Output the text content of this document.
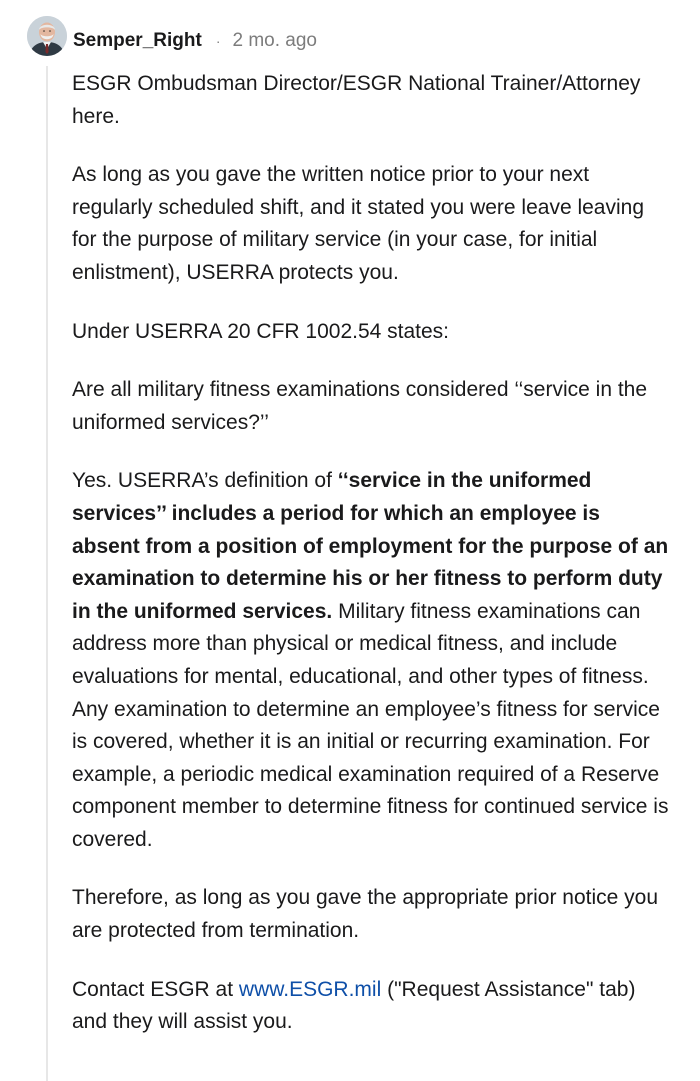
Semper_Right · 2 mo. ago

ESGR Ombudsman Director/ESGR National Trainer/Attorney here.

As long as you gave the written notice prior to your next regularly scheduled shift, and it stated you were leave leaving for the purpose of military service (in your case, for initial enlistment), USERRA protects you.

Under USERRA 20 CFR 1002.54 states:

Are all military fitness examinations considered ‘‘service in the uniformed services?’’

Yes. USERRA’s definition of ‘‘service in the uniformed services’’ includes a period for which an employee is absent from a position of employment for the purpose of an examination to determine his or her fitness to perform duty in the uniformed services. Military fitness examinations can address more than physical or medical fitness, and include evaluations for mental, educational, and other types of fitness. Any examination to determine an employee’s fitness for service is covered, whether it is an initial or recurring examination. For example, a periodic medical examination required of a Reserve component member to determine fitness for continued service is covered.

Therefore, as long as you gave the appropriate prior notice you are protected from termination.

Contact ESGR at www.ESGR.mil ("Request Assistance" tab) and they will assist you.
